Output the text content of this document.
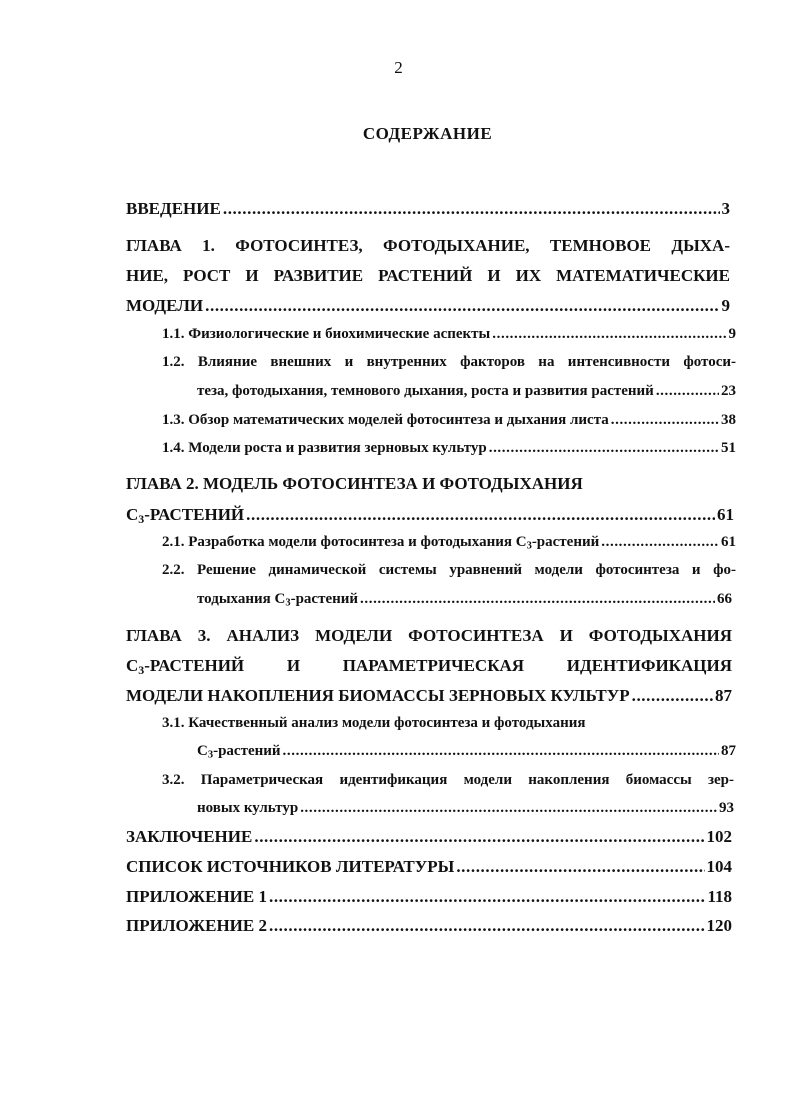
2
СОДЕРЖАНИЕ
ВВЕДЕНИЕ .....	3
ГЛАВА 1. ФОТОСИНТЕЗ, ФОТОДЫХАНИЕ, ТЕМНОВОЕ ДЫХА-
НИЕ, РОСТ И РАЗВИТИЕ РАСТЕНИЙ И ИХ МАТЕМАТИЧЕСКИЕ
МОДЕЛИ .....	9
1.1. Физиологические и биохимические аспекты .....	9
1.2. Влияние внешних и внутренних факторов на интенсивности фотоси-
теза, фотодыхания, темнового дыхания, роста и развития растений .....	23
1.3. Обзор математических моделей фотосинтеза и дыхания листа .....	38
1.4. Модели роста и развития зерновых культур .....	51
ГЛАВА 2. МОДЕЛЬ ФОТОСИНТЕЗА И ФОТОДЫХАНИЯ
$С_3$-РАСТЕНИЙ .....	61
2.1. Разработка модели фотосинтеза и фотодыхания $С_3$-растений .....	61
2.2. Решение динамической системы уравнений модели фотосинтеза и фо-
тодыхания $С_3$-растений .....	66
ГЛАВА 3. АНАЛИЗ МОДЕЛИ ФОТОСИНТЕЗА И ФОТОДЫХАНИЯ
$С_3$-РАСТЕНИЙ И ПАРАМЕТРИЧЕСКАЯ ИДЕНТИФИКАЦИЯ
МОДЕЛИ НАКОПЛЕНИЯ БИОМАССЫ ЗЕРНОВЫХ КУЛЬТУР .....	87
3.1. Качественный анализ модели фотосинтеза и фотодыхания
$С_3$-растений .....	87
3.2. Параметрическая идентификация модели накопления биомассы зер-
новых культур .....	93
ЗАКЛЮЧЕНИЕ .....	102
СПИСОК ИСТОЧНИКОВ ЛИТЕРАТУРЫ .....	104
ПРИЛОЖЕНИЕ 1 .....	118
ПРИЛОЖЕНИЕ 2 .....	120
